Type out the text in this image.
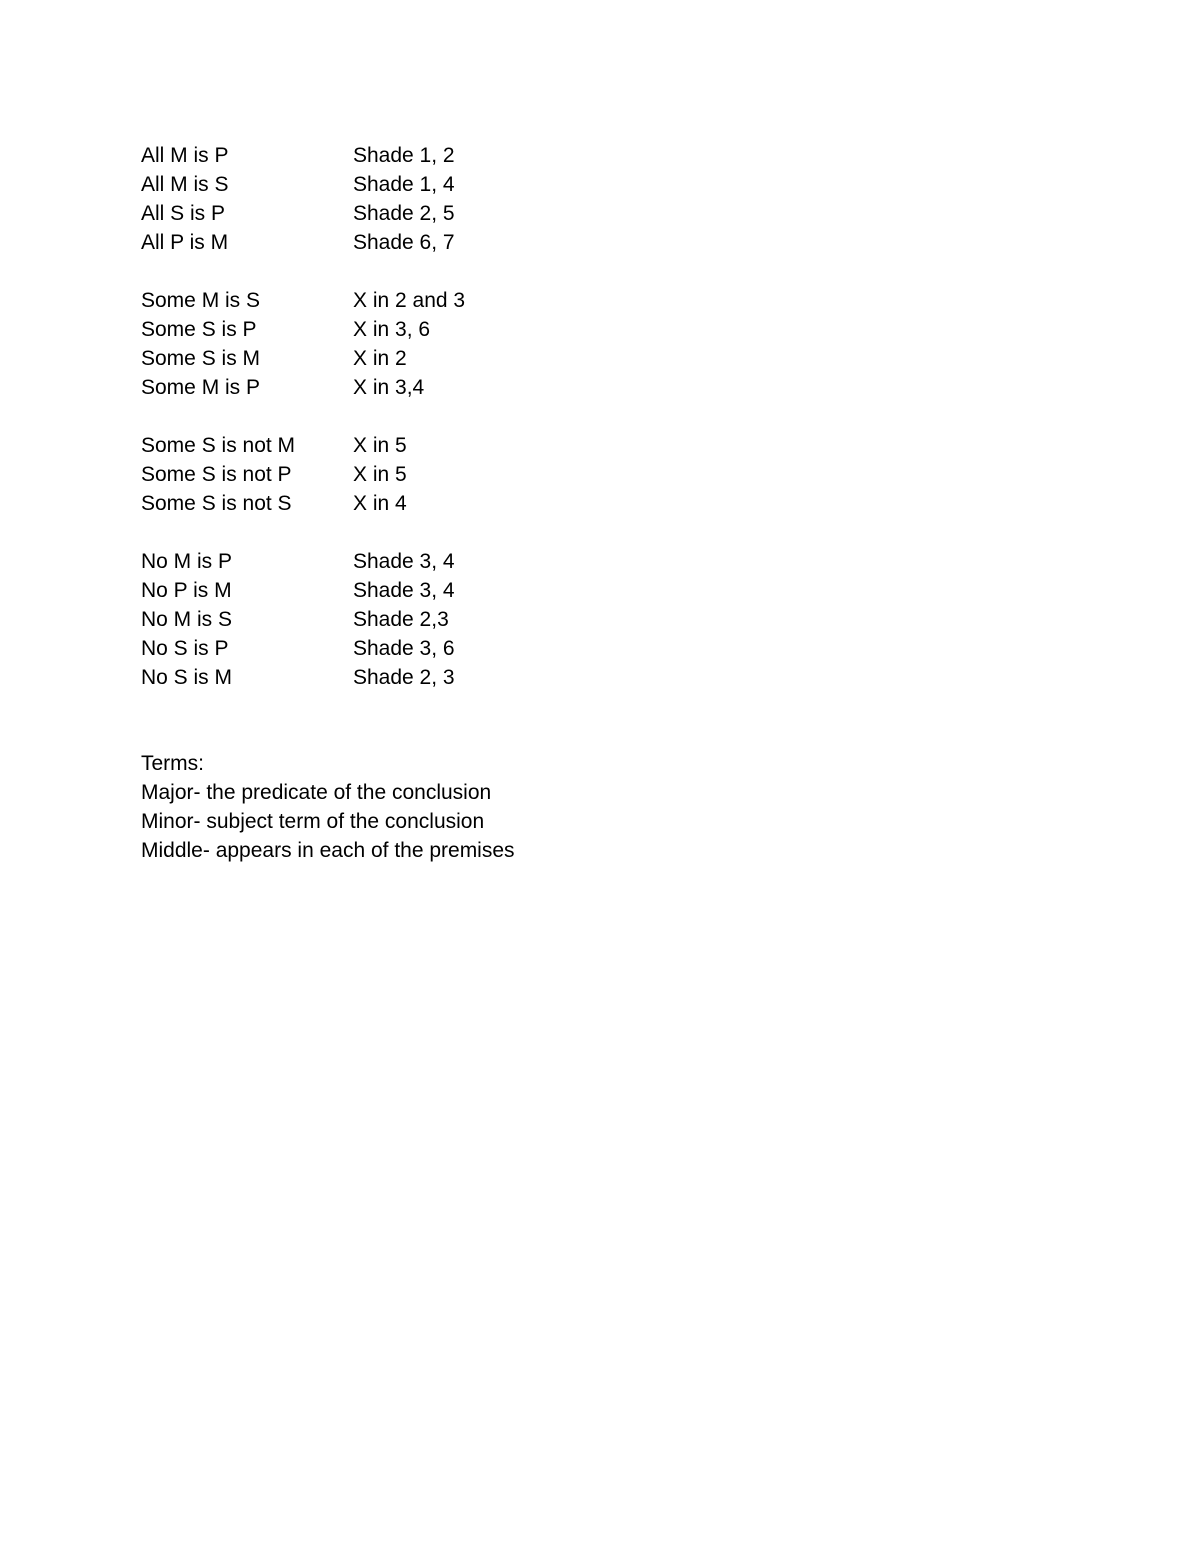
All M is P	Shade 1, 2
All M is S	Shade 1, 4
All S is P	Shade 2, 5
All P is M	Shade 6, 7
Some M is S	X in 2 and 3
Some S is P	X in 3, 6
Some S is M	X in 2
Some M is P	X in 3,4
Some S is not M	X in 5
Some S is not P	X in 5
Some S is not S	X in 4
No M is P	Shade 3, 4
No P is M	Shade 3, 4
No M is S	Shade 2,3
No S is P	Shade 3, 6
No S is M	Shade 2, 3
Terms:
Major- the predicate of the conclusion
Minor- subject term of the conclusion
Middle- appears in each of the premises
